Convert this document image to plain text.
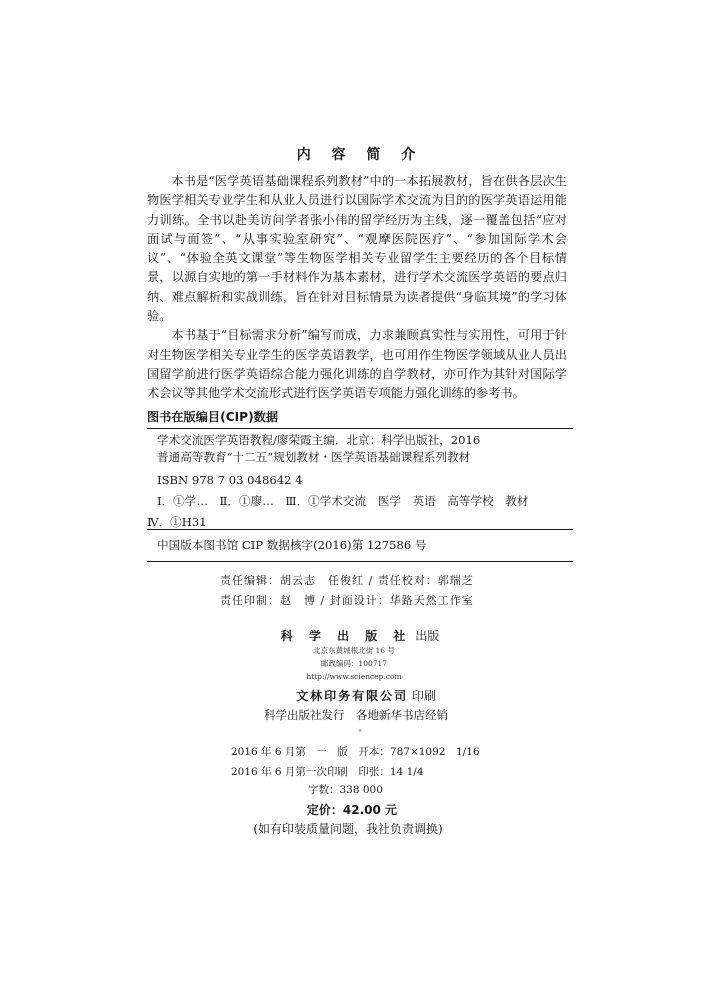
内 容 简 介

本书是“医学英语基础课程系列教材”中的一本拓展教材，旨在供各层次生物医学相关专业学生和从业人员进行以国际学术交流为目的的医学英语运用能力训练。全书以赴美访问学者张小伟的留学经历为主线，逐一覆盖包括“应对面试与面签”、“从事实验室研究”、“观摩医院医疗”、“参加国际学术会议”、“体验全英文课堂”等生物医学相关专业留学生主要经历的各个目标情景，以源自实地的第一手材料作为基本素材，进行学术交流医学英语的要点归纳、难点解析和实战训练，旨在针对目标情景为读者提供“身临其境”的学习体验。

本书基于“目标需求分析”编写而成，力求兼顾真实性与实用性，可用于针对生物医学相关专业学生的医学英语教学，也可用作生物医学领域从业人员出国留学前进行医学英语综合能力强化训练的自学教材，亦可作为其针对国际学术会议等其他学术交流形式进行医学英语专项能力强化训练的参考书。

图书在版编目(CIP)数据
学术交流医学英语教程/廖荣霞主编．北京：科学出版社，2016
普通高等教育“十二五”规划教材・医学英语基础课程系列教材
ISBN 978 7 03 048642 4
Ⅰ．①学…　Ⅱ．①廖…　Ⅲ．①学术交流　医学　英语　高等学校　教材
Ⅳ．①H31
中国版本图书馆 CIP 数据核字(2016)第 127586 号
责任编辑：胡云志　任俊红 / 责任校对：郭瑞芝
责任印制：赵　博 / 封面设计：华路天然工作室
科 学 出 版 社 出版
北京东黄城根北街 16 号
邮政编码：100717
http://www.sciencep.com
文林印务有限公司 印刷
科学出版社发行　各地新华书店经销
*
2016 年 6 月第　一　版　开本：787×1092　1/16
2016 年 6 月第一次印刷　印张：14 1/4
字数：338 000
定价：42.00 元
(如有印装质量问题，我社负责调换)
